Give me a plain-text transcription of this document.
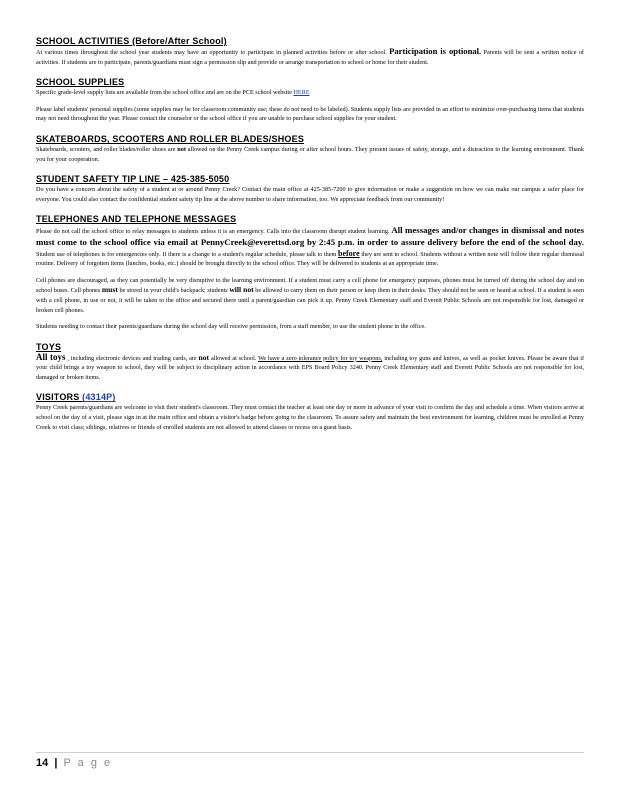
SCHOOL ACTIVITIES (Before/After School)

At various times throughout the school year students may have an opportunity to participate in planned activities before or after school. Participation is optional. Parents will be sent a written notice of activities. If students are to participate, parents/guardians must sign a permission slip and provide or arrange transportation to school or home for their student.

SCHOOL SUPPLIES

Specific grade-level supply lists are available from the school office and are on the PCE school website HERE

Please label students' personal supplies (some supplies may be for classroom community use; these do not need to be labeled). Students supply lists are provided in an effort to minimize over-purchasing items that students may not need throughout the year. Please contact the counselor or the school office if you are unable to purchase school supplies for your student.

SKATEBOARDS, SCOOTERS AND ROLLER BLADES/SHOES

Skateboards, scooters, and roller blades/roller shoes are not allowed on the Penny Creek campus during or after school hours. They present issues of safety, storage, and a distraction to the learning environment. Thank you for your cooperation.

STUDENT SAFETY TIP LINE – 425-385-5050

Do you have a concern about the safety of a student at or around Penny Creek? Contact the main office at 425-385-7200 to give information or make a suggestion on how we can make our campus a safer place for everyone. You could also contact the confidential student safety tip line at the above number to share information, too. We appreciate feedback from our community!

TELEPHONES AND TELEPHONE MESSAGES

Please do not call the school office to relay messages to students unless it is an emergency. Calls into the classroom disrupt student learning. All messages and/or changes in dismissal and notes must come to the school office via email at PennyCreek@everettsd.org by 2:45 p.m. in order to assure delivery before the end of the school day. Student use of telephones is for emergencies only. If there is a change to a student's regular schedule, please talk to them before they are sent to school. Students without a written note will follow their regular dismissal routine. Delivery of forgotten items (lunches, books, etc.) should be brought directly to the school office. They will be delivered to students at an appropriate time.

Cell phones are discouraged, as they can potentially be very disruptive to the learning environment. If a student must carry a cell phone for emergency purposes, phones must be turned off during the school day and on school buses. Cell phones must be stored in your child's backpack; students will not be allowed to carry them on their person or keep them in their desks. They should not be seen or heard at school. If a student is seen with a cell phone, in use or not, it will be taken to the office and secured there until a parent/guardian can pick it up. Penny Creek Elementary staff and Everett Public Schools are not responsible for lost, damaged or broken cell phones.

Students needing to contact their parents/guardians during the school day will receive permission, from a staff member, to use the student phone in the office.

TOYS

All toys , including electronic devices and trading cards, are not allowed at school. We have a zero tolerance policy for toy weapons, including toy guns and knives, as well as pocket knives. Please be aware that if your child brings a toy weapon to school, they will be subject to disciplinary action in accordance with EPS Board Policy 3240. Penny Creek Elementary staff and Everett Public Schools are not responsible for lost, damaged or broken items.

VISITORS (4314P)

Penny Creek parents/guardians are welcome to visit their student's classroom. They must contact the teacher at least one day or more in advance of your visit to confirm the day and schedule a time. When visitors arrive at school on the day of a visit, please sign in at the main office and obtain a visitor's badge before going to the classroom. To assure safety and maintain the best environment for learning, children must be enrolled at Penny Creek to visit class; siblings, relatives or friends of enrolled students are not allowed to attend classes or recess on a guest basis.

14 | P a g e
